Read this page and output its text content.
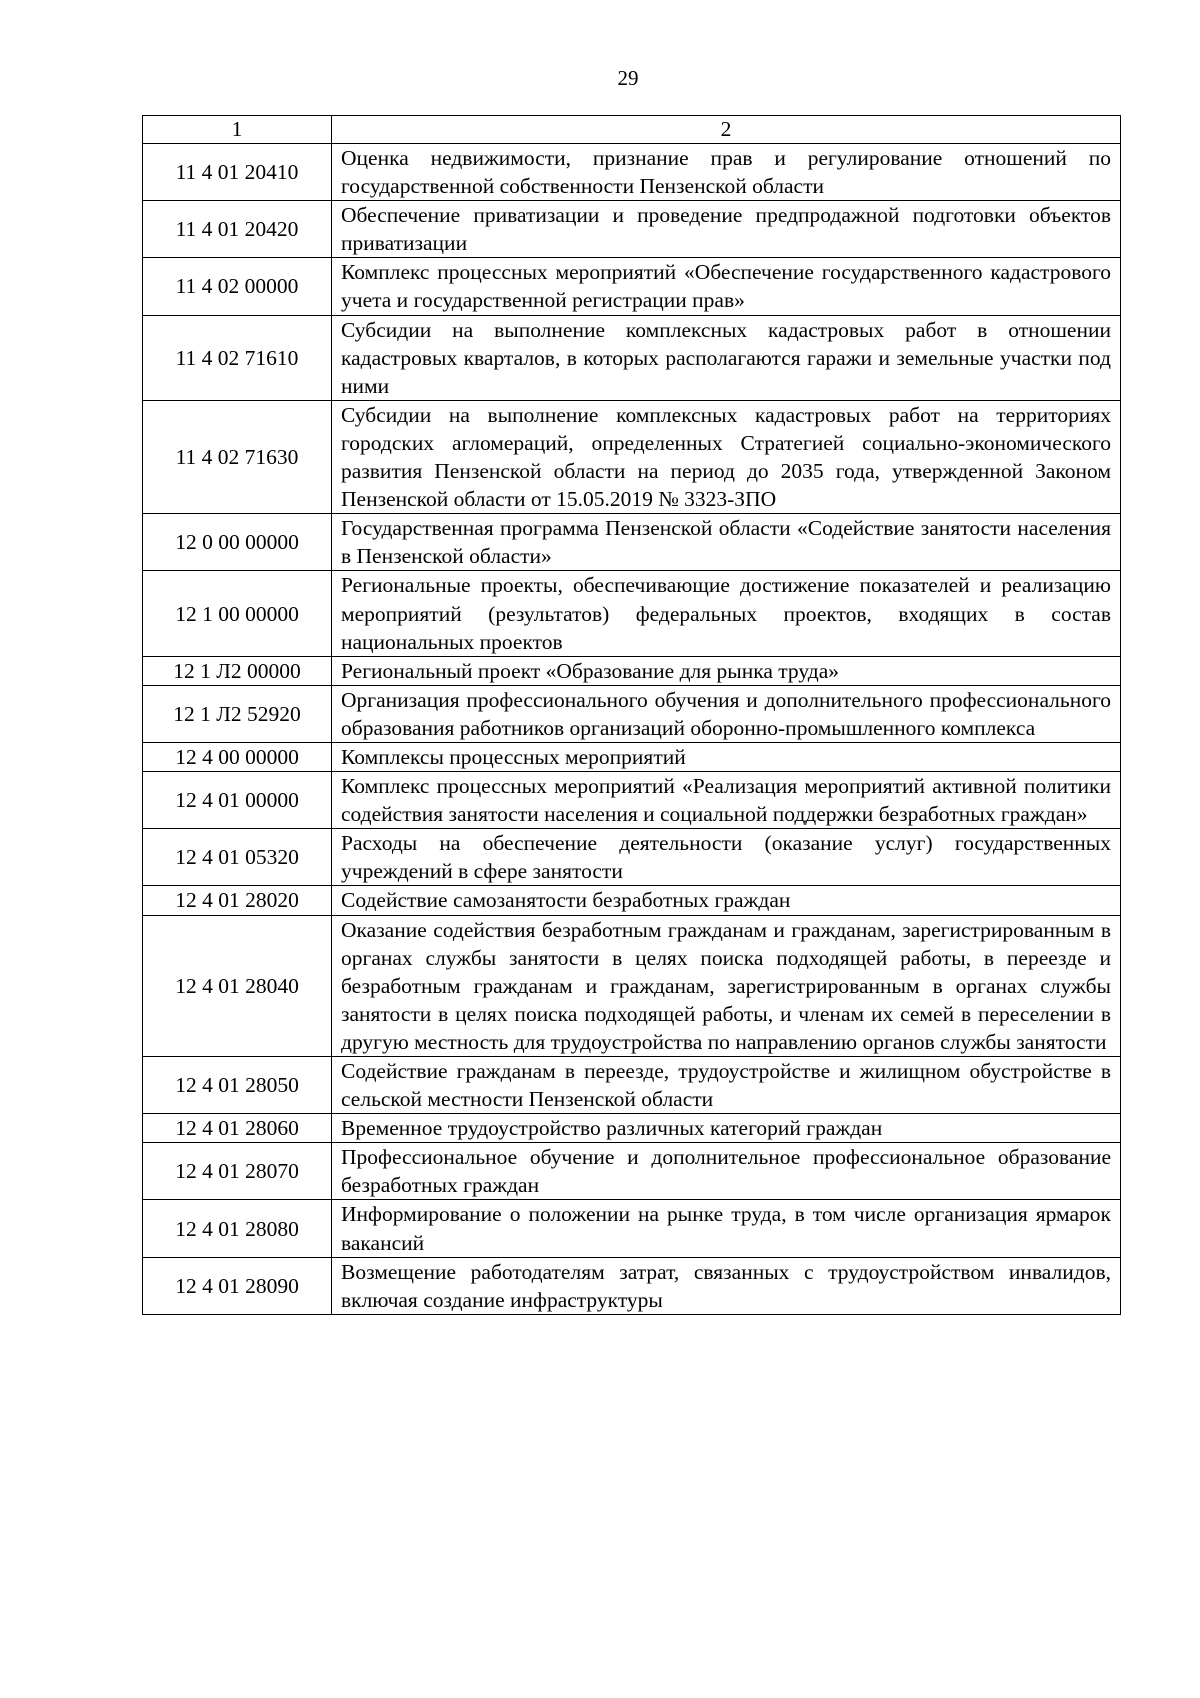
29
1	2
11 4 01 20410	Оценка недвижимости, признание прав и регулирование отношений по государственной собственности Пензенской области
11 4 01 20420	Обеспечение приватизации и проведение предпродажной подготовки объектов приватизации
11 4 02 00000	Комплекс процессных мероприятий «Обеспечение государственного кадастрового учета и государственной регистрации прав»
11 4 02 71610	Субсидии на выполнение комплексных кадастровых работ в отношении кадастровых кварталов, в которых располагаются гаражи и земельные участки под ними
11 4 02 71630	Субсидии на выполнение комплексных кадастровых работ на территориях городских агломераций, определенных Стратегией социально-экономического развития Пензенской области на период до 2035 года, утвержденной Законом Пензенской области от 15.05.2019 № 3323-ЗПО
12 0 00 00000	Государственная программа Пензенской области «Содействие занятости населения в Пензенской области»
12 1 00 00000	Региональные проекты, обеспечивающие достижение показателей и реализацию мероприятий (результатов) федеральных проектов, входящих в состав национальных проектов
12 1 Л2 00000	Региональный проект «Образование для рынка труда»
12 1 Л2 52920	Организация профессионального обучения и дополнительного профессионального образования работников организаций оборонно-промышленного комплекса
12 4 00 00000	Комплексы процессных мероприятий
12 4 01 00000	Комплекс процессных мероприятий «Реализация мероприятий активной политики содействия занятости населения и социальной поддержки безработных граждан»
12 4 01 05320	Расходы на обеспечение деятельности (оказание услуг) государственных учреждений в сфере занятости
12 4 01 28020	Содействие самозанятости безработных граждан
12 4 01 28040	Оказание содействия безработным гражданам и гражданам, зарегистрированным в органах службы занятости в целях поиска подходящей работы, в переезде и безработным гражданам и гражданам, зарегистрированным в органах службы занятости в целях поиска подходящей работы, и членам их семей в переселении в другую местность для трудоустройства по направлению органов службы занятости
12 4 01 28050	Содействие гражданам в переезде, трудоустройстве и жилищном обустройстве в сельской местности Пензенской области
12 4 01 28060	Временное трудоустройство различных категорий граждан
12 4 01 28070	Профессиональное обучение и дополнительное профессиональное образование безработных граждан
12 4 01 28080	Информирование о положении на рынке труда, в том числе организация ярмарок вакансий
12 4 01 28090	Возмещение работодателям затрат, связанных с трудоустройством инвалидов, включая создание инфраструктуры
